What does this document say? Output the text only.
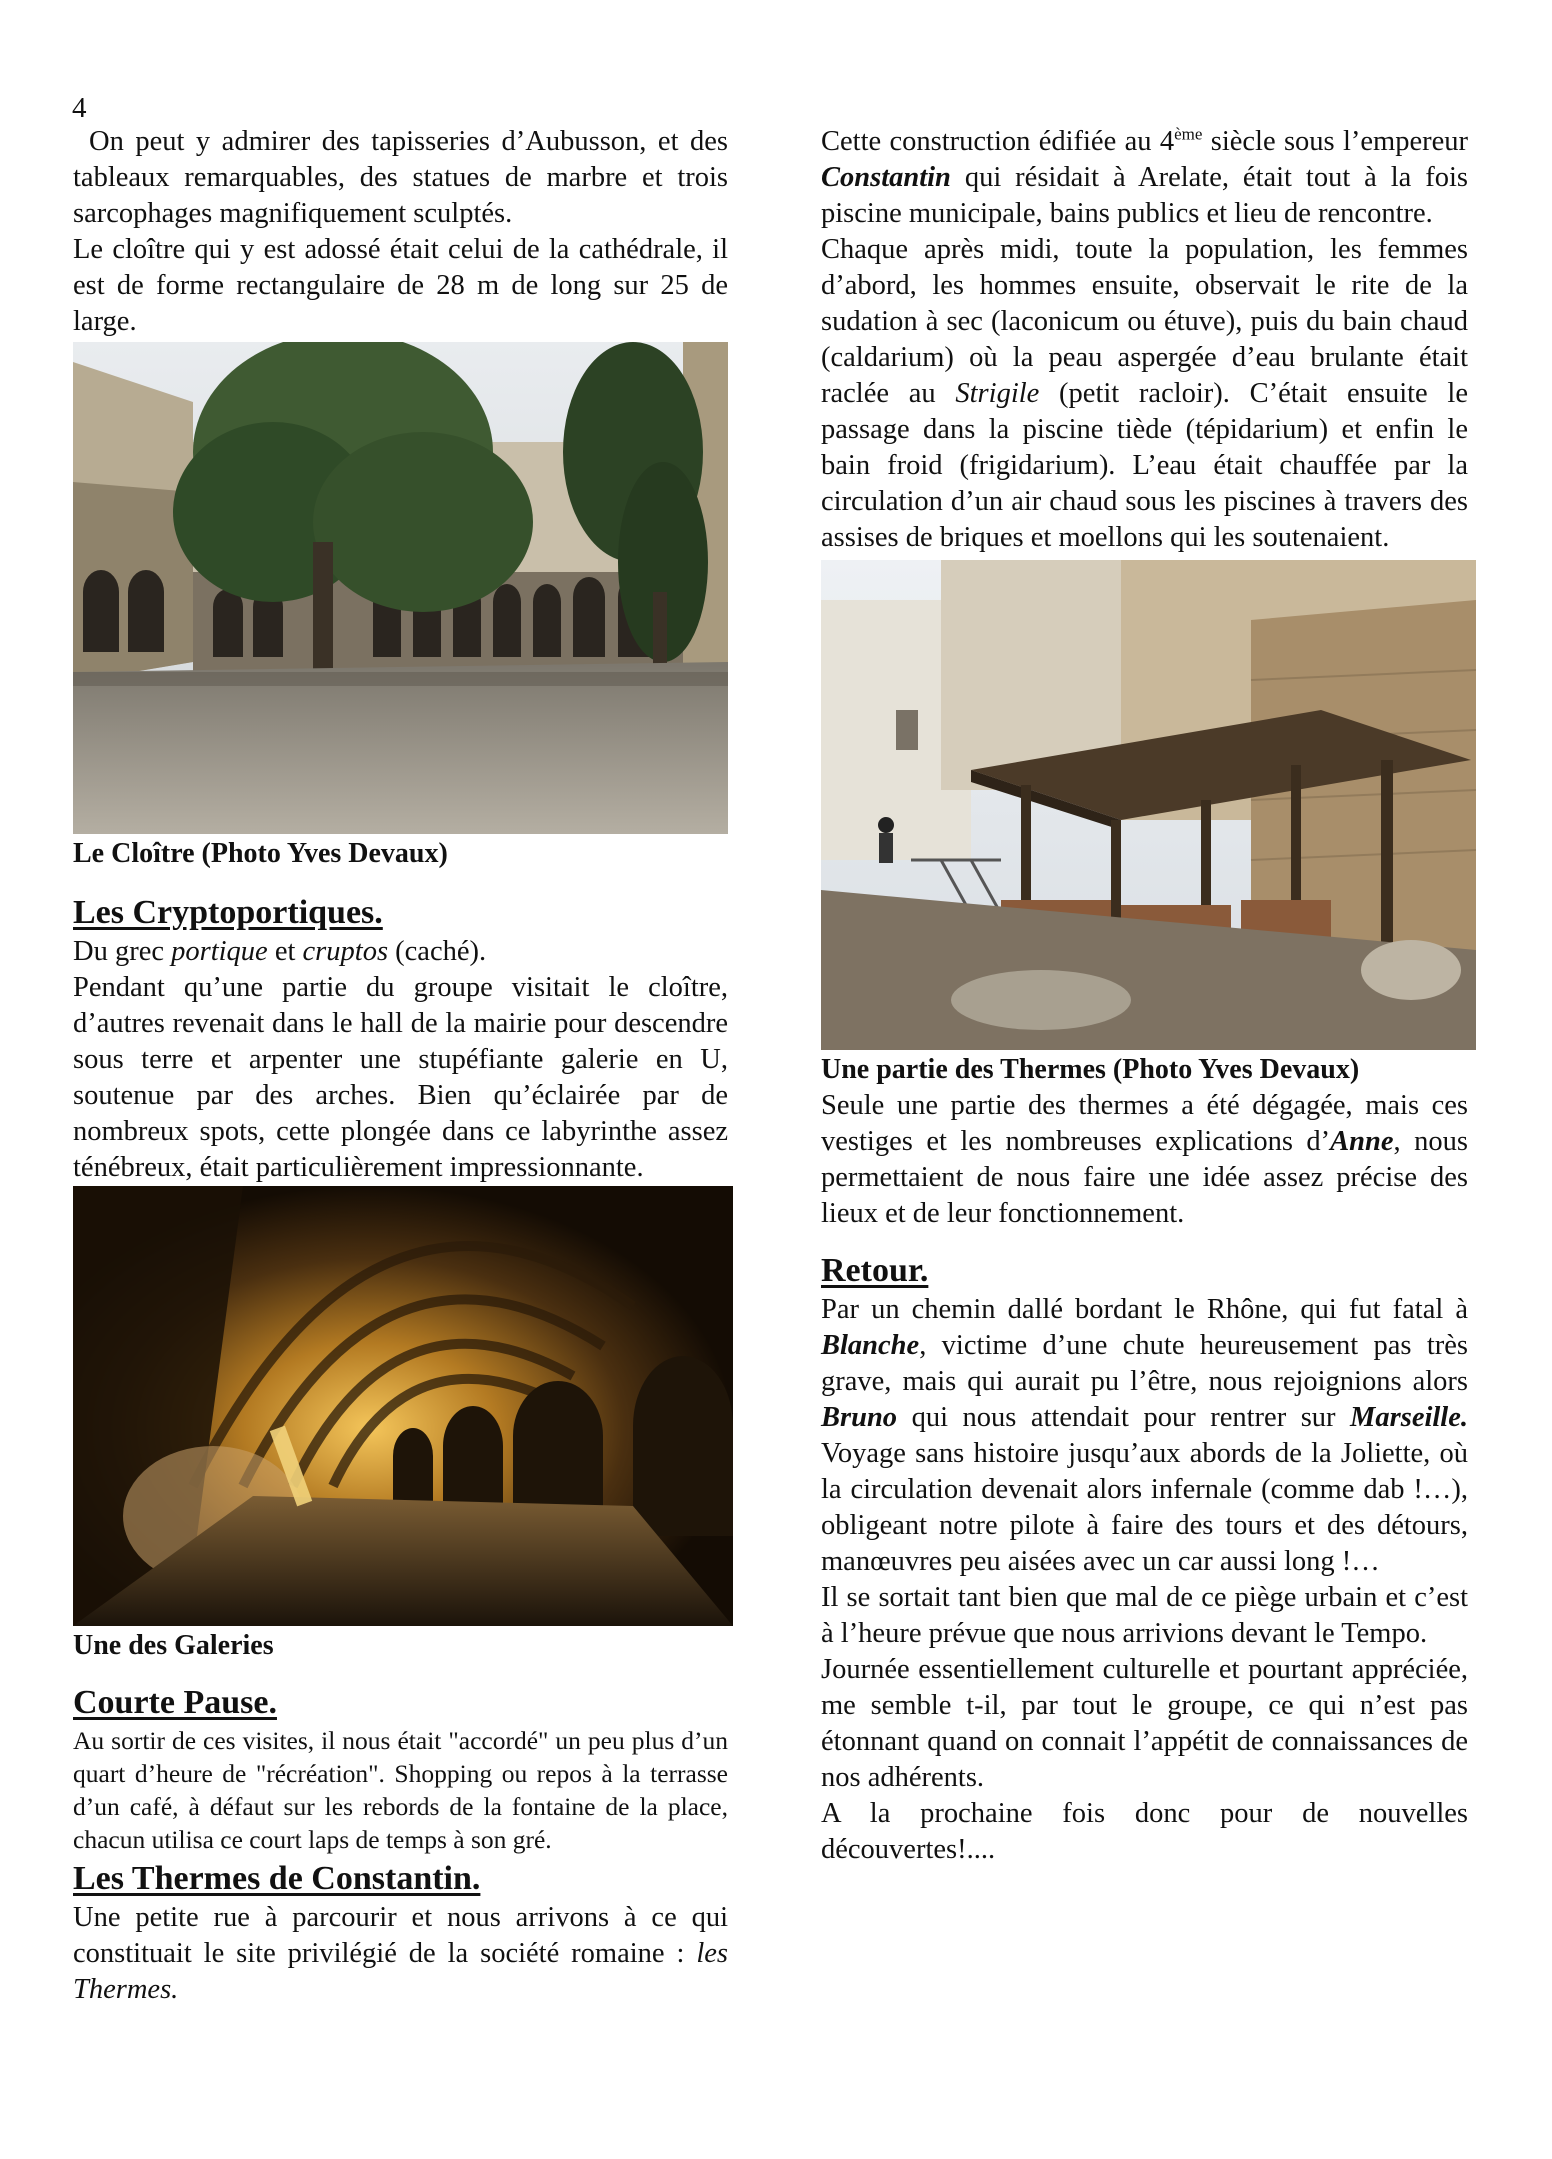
4

On peut y admirer des tapisseries d’Aubusson, et des tableaux remarquables, des statues de marbre et trois sarcophages magnifiquement sculptés.

Le cloître qui y est adossé était celui de la cathédrale, il est de forme rectangulaire de 28 m de long sur 25 de large.

Le Cloître (Photo Yves Devaux)

Les Cryptoportiques.

Du grec portique et cruptos (caché).

Pendant qu’une partie du groupe visitait le cloître, d’autres revenait dans le hall de la mairie pour descendre sous terre et arpenter une stupéfiante galerie en U, soutenue par des arches. Bien qu’éclairée par de nombreux spots, cette plongée dans ce labyrinthe assez ténébreux, était particulièrement impressionnante.

Une des Galeries

Courte Pause.

Au sortir de ces visites, il nous était "accordé" un peu plus d’un quart d’heure de "récréation". Shopping ou repos à la terrasse d’un café, à défaut sur les rebords de la fontaine de la place, chacun utilisa ce court laps de temps à son gré.

Les Thermes de Constantin.

Une petite rue à parcourir et nous arrivons à ce qui constituait le site privilégié de la société romaine : les Thermes.

Cette construction édifiée au 4ème siècle sous l’empereur Constantin qui résidait à Arelate, était tout à la fois piscine municipale, bains publics et lieu de rencontre.

Chaque après midi, toute la population, les femmes d’abord, les hommes ensuite, observait le rite de la sudation à sec (laconicum ou étuve), puis du bain chaud (caldarium) où la peau aspergée d’eau brulante était raclée au Strigile (petit racloir). C’était ensuite le passage dans la piscine tiède (tépidarium) et enfin le bain froid (frigidarium). L’eau était chauffée par la circulation d’un air chaud sous les piscines à travers des assises de briques et moellons qui les soutenaient.

Une partie des Thermes (Photo Yves Devaux)

Seule une partie des thermes a été dégagée, mais ces vestiges et les nombreuses explications d’Anne, nous permettaient de nous faire une idée assez précise des lieux et de leur fonctionnement.

Retour.

Par un chemin dallé bordant le Rhône, qui fut fatal à Blanche, victime d’une chute heureusement pas très grave, mais qui aurait pu l’être, nous rejoignions alors Bruno qui nous attendait pour rentrer sur Marseille. Voyage sans histoire jusqu’aux abords de la Joliette, où la circulation devenait alors infernale (comme dab !…), obligeant notre pilote à faire des tours et des détours, manœuvres peu aisées avec un car aussi long !…

Il se sortait tant bien que mal de ce piège urbain et c’est à l’heure prévue que nous arrivions devant le Tempo.

Journée essentiellement culturelle et pourtant appréciée, me semble t-il, par tout le groupe, ce qui n’est pas étonnant quand on connait l’appétit de connaissances de nos adhérents.

A la prochaine fois donc pour de nouvelles découvertes!....
